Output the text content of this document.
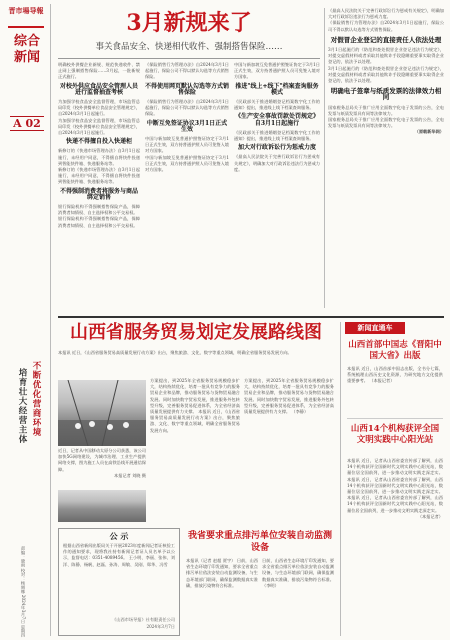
晋市場导報
综合新闻
A 02
不断优化营商环境
培育壮大经营主体
责编：晓雨 校对：杨丽娜 2024年3月7日 星期四
3月新规来了
事关食品安全、快递相代收件、强制搭售保险……
明确校外供餐企业新规、规范快递收件、禁止网上强制搭售保险……3月起，一批新规正式施行。
对校外供应食品安全管理人员进行监督抽查考核
为加强学校食品安全监督管理，市场监管总局印发《校外供餐单位食品安全管理规定》，自2024年3月1日起施行。
为加强学校食品安全监督管理，市场监管总局印发《校外供餐单位食品安全管理规定》，自2024年3月1日起施行。
快递不得擅自投入快递柜
新修订的《快递市场管理办法》自3月1日起施行，未经用户同意，不得擅自将快件投递到智能快件箱、快递服务站等。
新修订的《快递市场管理办法》自3月1日起施行，未经用户同意，不得擅自将快件投递到智能快件箱、快递服务站等。
不得强制消费者将服务与商品绑定销售
银行保险机构不得强制搭售保险产品，保障消费者知情权、自主选择权和公平交易权。
银行保险机构不得强制搭售保险产品，保障消费者知情权、自主选择权和公平交易权。
《保险销售行为管理办法》自2024年3月1日起施行，保险公司不得以默认勾选等方式销售保险。
不得使用网页默认勾选等方式销售保险
《保险销售行为管理办法》自2024年3月1日起施行，保险公司不得以默认勾选等方式销售保险。
中断互免签证协议3月1日正式生效
中国与新加坡互免普通护照签证协定于3月1日正式生效，双方持普通护照人员可免签入境对方国家。
中国与新加坡互免普通护照签证协定于3月1日正式生效，双方持普通护照人员可免签入境对方国家。
中国与新加坡互免普通护照签证协定于3月1日正式生效，双方持普通护照人员可免签入境对方国家。
推进"线上+线下"档案查询服务模式
《民政部关于推进婚姻登记档案数字化工作的通知》提出，推进线上线下档案查询服务。
《生产安全事故罚款处罚规定》自3月1日起施行
《民政部关于推进婚姻登记档案数字化工作的通知》提出，推进线上线下档案查询服务。
加大对行政诉讼行为惩戒力度
《最高人民法院关于完善行政诉讼行为惩戒有关规定》，明确加大对行政诉讼违法行为惩戒力度。
《最高人民法院关于完善行政诉讼行为惩戒有关规定》，明确加大对行政诉讼违法行为惩戒力度。
《保险销售行为管理办法》自2024年3月1日起施行，保险公司不得以默认勾选等方式销售保险。
对假冒企业登记的直接责任人依法处理
3月1日起施行的《防范和查处假冒企业登记违法行为规定》，对提交虚假材料或者采取其他欺诈手段隐瞒重要事实取得企业登记的，依法予以处理。
3月1日起施行的《防范和查处假冒企业登记违法行为规定》，对提交虚假材料或者采取其他欺诈手段隐瞒重要事实取得企业登记的，依法予以处理。
明确电子签章与纸质发票的法律效力相同
国家税务总局关于推广应用全面数字化电子发票的公告，全电发票与纸质发票具有同等法律效力。
国家税务总局关于推广应用全面数字化电子发票的公告，全电发票与纸质发票具有同等法律效力。
（原载新华网）
山西省服务贸易划定发展路线图
本报讯 近日，《山西省服务贸易高质量发展行动方案》出台，聚焦旅游、文化、数字等重点领域，明确全省服务贸易发展方向。
方案提出，到2025年全省服务贸易规模稳步扩大，结构持续优化，培育一批具有竞争力的服务贸易企业和品牌，推动服务贸易与货物贸易融合发展。同时加快数字贸易发展，推进服务外包转型升级，完善服务贸易促进体系，为全省经济高质量发展提供有力支撑。 本报讯 近日，《山西省服务贸易高质量发展行动方案》出台，聚焦旅游、文化、数字等重点领域，明确全省服务贸易发展方向。
方案提出，到2025年全省服务贸易规模稳步扩大，结构持续优化，培育一批具有竞争力的服务贸易企业和品牌，推动服务贸易与货物贸易融合发展。同时加快数字贸易发展，推进服务外包转型升级，完善服务贸易促进体系，为全省经济高质量发展提供有力支撑。 （李静）
近日，记者从中国移动太原分公司获悉，该公司加快5G网络建设，为城市治理、工业生产提供网络支撑，图为施工人员在高铁沿线开展通信保障。
本报记者 刘晓 摄
新闻直通车
山西首部中国志《晋阳中国大省》出版
本报讯 近日，山西首部中国志出版，全书分七篇，系统梳理山西历史文化资源，为研究地方文化提供重要参考。 （本报记者）
山西14个机构获评全国文明实践中心阳光站
本报讯 近日，记者从山西省委宣传部了解到，山西14个机构获评全国新时代文明实践中心阳光站，数量位居全国前列，进一步推动文明实践走深走实。 本报讯 近日，记者从山西省委宣传部了解到，山西14个机构获评全国新时代文明实践中心阳光站，数量位居全国前列，进一步推动文明实践走深走实。 本报讯 近日，记者从山西省委宣传部了解到，山西14个机构获评全国新时代文明实践中心阳光站，数量位居全国前列，进一步推动文明实践走深走实。
（本报记者）
公 示
根据山西省新闻出版局关于开展2023年度新闻记者证核验工作的通知要求，现将我社持有新闻记者证人员名单予以公示，监督电话：0351-4089456。 王小明、李丽、张伟、刘洋、陈静、杨帆、赵磊、孙涛、周敏、吴刚、郑华、冯雪
《山西市场导报》社有限责任公司
2024年3月7日
我省要求重点排污单位安装自动监测设备
本报讯（记者 赵超 贾宇） 日前，山西省生态环境厅印发通知，要求全省重点排污单位依法安装自动监测设备，与生态环境部门联网，确保监测数据真实准确，排放污染物符合标准。
日前，山西省生态环境厅印发通知，要求全省重点排污单位依法安装自动监测设备，与生态环境部门联网，确保监测数据真实准确，排放污染物符合标准。 （李明）
